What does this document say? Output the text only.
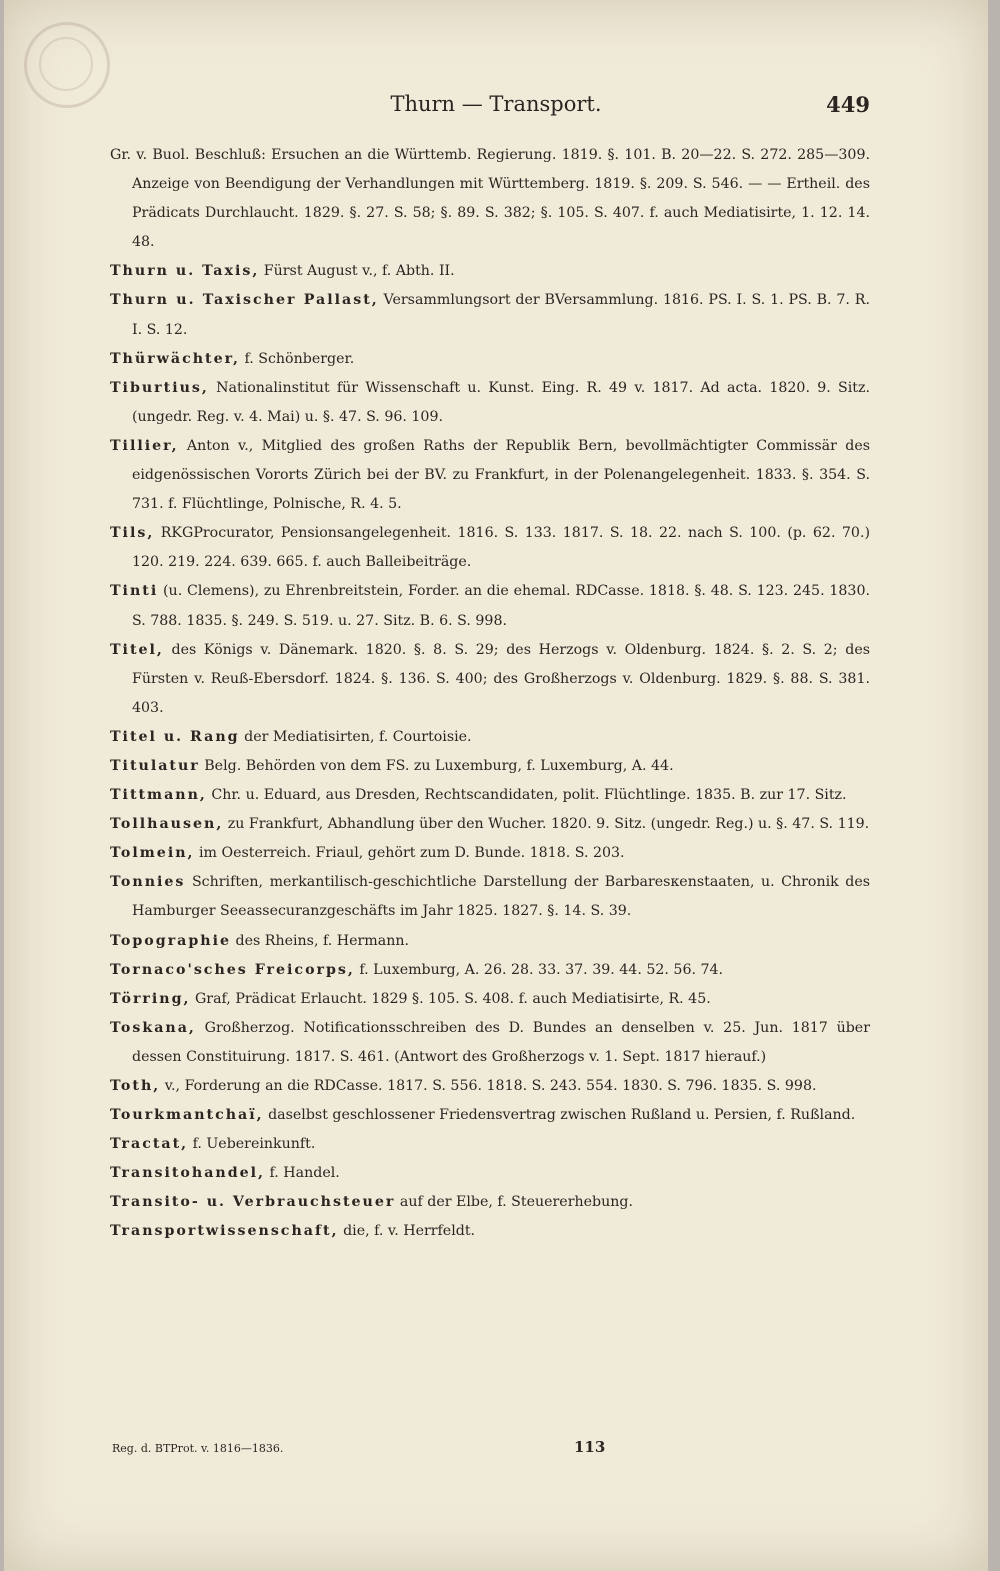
Thurn — Transport.	449

Gr. v. Buol. Beschluß: Ersuchen an die Württemb. Regierung. 1819. §. 101. B. 20—22. S. 272. 285—309. Anzeige von Beendigung der Verhandlungen mit Württemberg. 1819. §. 209. S. 546. — — Ertheil. des Prädicats Durchlaucht. 1829. §. 27. S. 58; §. 89. S. 382; §. 105. S. 407. f. auch Mediatisirte, 1. 12. 14. 48.

Thurn u. Taxis, Fürst August v., f. Abth. II.

Thurn u. Taxischer Pallast, Versammlungsort der BVersammlung. 1816. PS. I. S. 1. PS. B. 7. R. I. S. 12.

Thürwächter, f. Schönberger.

Tiburtius, Nationalinstitut für Wissenschaft u. Kunst. Eing. R. 49 v. 1817. Ad acta. 1820. 9. Sitz. (ungedr. Reg. v. 4. Mai) u. §. 47. S. 96. 109.

Tillier, Anton v., Mitglied des großen Raths der Republik Bern, bevollmächtigter Commissär des eidgenössischen Vororts Zürich bei der BV. zu Frankfurt, in der Polenangelegenheit. 1833. §. 354. S. 731. f. Flüchtlinge, Polnische, R. 4. 5.

Tils, RKGProcurator, Pensionsangelegenheit. 1816. S. 133. 1817. S. 18. 22. nach S. 100. (p. 62. 70.) 120. 219. 224. 639. 665. f. auch Balleibeiträge.

Tinti (u. Clemens), zu Ehrenbreitstein, Forder. an die ehemal. RDCasse. 1818. §. 48. S. 123. 245. 1830. S. 788. 1835. §. 249. S. 519. u. 27. Sitz. B. 6. S. 998.

Titel, des Königs v. Dänemark. 1820. §. 8. S. 29; des Herzogs v. Oldenburg. 1824. §. 2. S. 2; des Fürsten v. Reuß-Ebersdorf. 1824. §. 136. S. 400; des Großherzogs v. Oldenburg. 1829. §. 88. S. 381. 403.

Titel u. Rang der Mediatisirten, f. Courtoisie.

Titulatur Belg. Behörden von dem FS. zu Luxemburg, f. Luxemburg, A. 44.

Tittmann, Chr. u. Eduard, aus Dresden, Rechtscandidaten, polit. Flüchtlinge. 1835. B. zur 17. Sitz.

Tollhausen, zu Frankfurt, Abhandlung über den Wucher. 1820. 9. Sitz. (ungedr. Reg.) u. §. 47. S. 119.

Tolmein, im Oesterreich. Friaul, gehört zum D. Bunde. 1818. S. 203.

Tonnies Schriften, merkantilisch-geschichtliche Darstellung der Barbaresкenstaaten, u. Chronik des Hamburger Seeassecuranzgeschäfts im Jahr 1825. 1827. §. 14. S. 39.

Topographie des Rheins, f. Hermann.

Tornaco'sches Freicorps, f. Luxemburg, A. 26. 28. 33. 37. 39. 44. 52. 56. 74.

Törring, Graf, Prädicat Erlaucht. 1829 §. 105. S. 408. f. auch Mediatisirte, R. 45.

Toskana, Großherzog. Notificationsschreiben des D. Bundes an denselben v. 25. Jun. 1817 über dessen Constituirung. 1817. S. 461. (Antwort des Großherzogs v. 1. Sept. 1817 hierauf.)

Toth, v., Forderung an die RDCasse. 1817. S. 556. 1818. S. 243. 554. 1830. S. 796. 1835. S. 998.

Tourkmantchaï, daselbst geschlossener Friedensvertrag zwischen Rußland u. Persien, f. Rußland.

Tractat, f. Uebereinkunft.

Transitohandel, f. Handel.

Transito- u. Verbrauchsteuer auf der Elbe, f. Steuererhebung.

Transportwissenschaft, die, f. v. Herrfeldt.

Reg. d. BTProt. v. 1816—1836.	113
